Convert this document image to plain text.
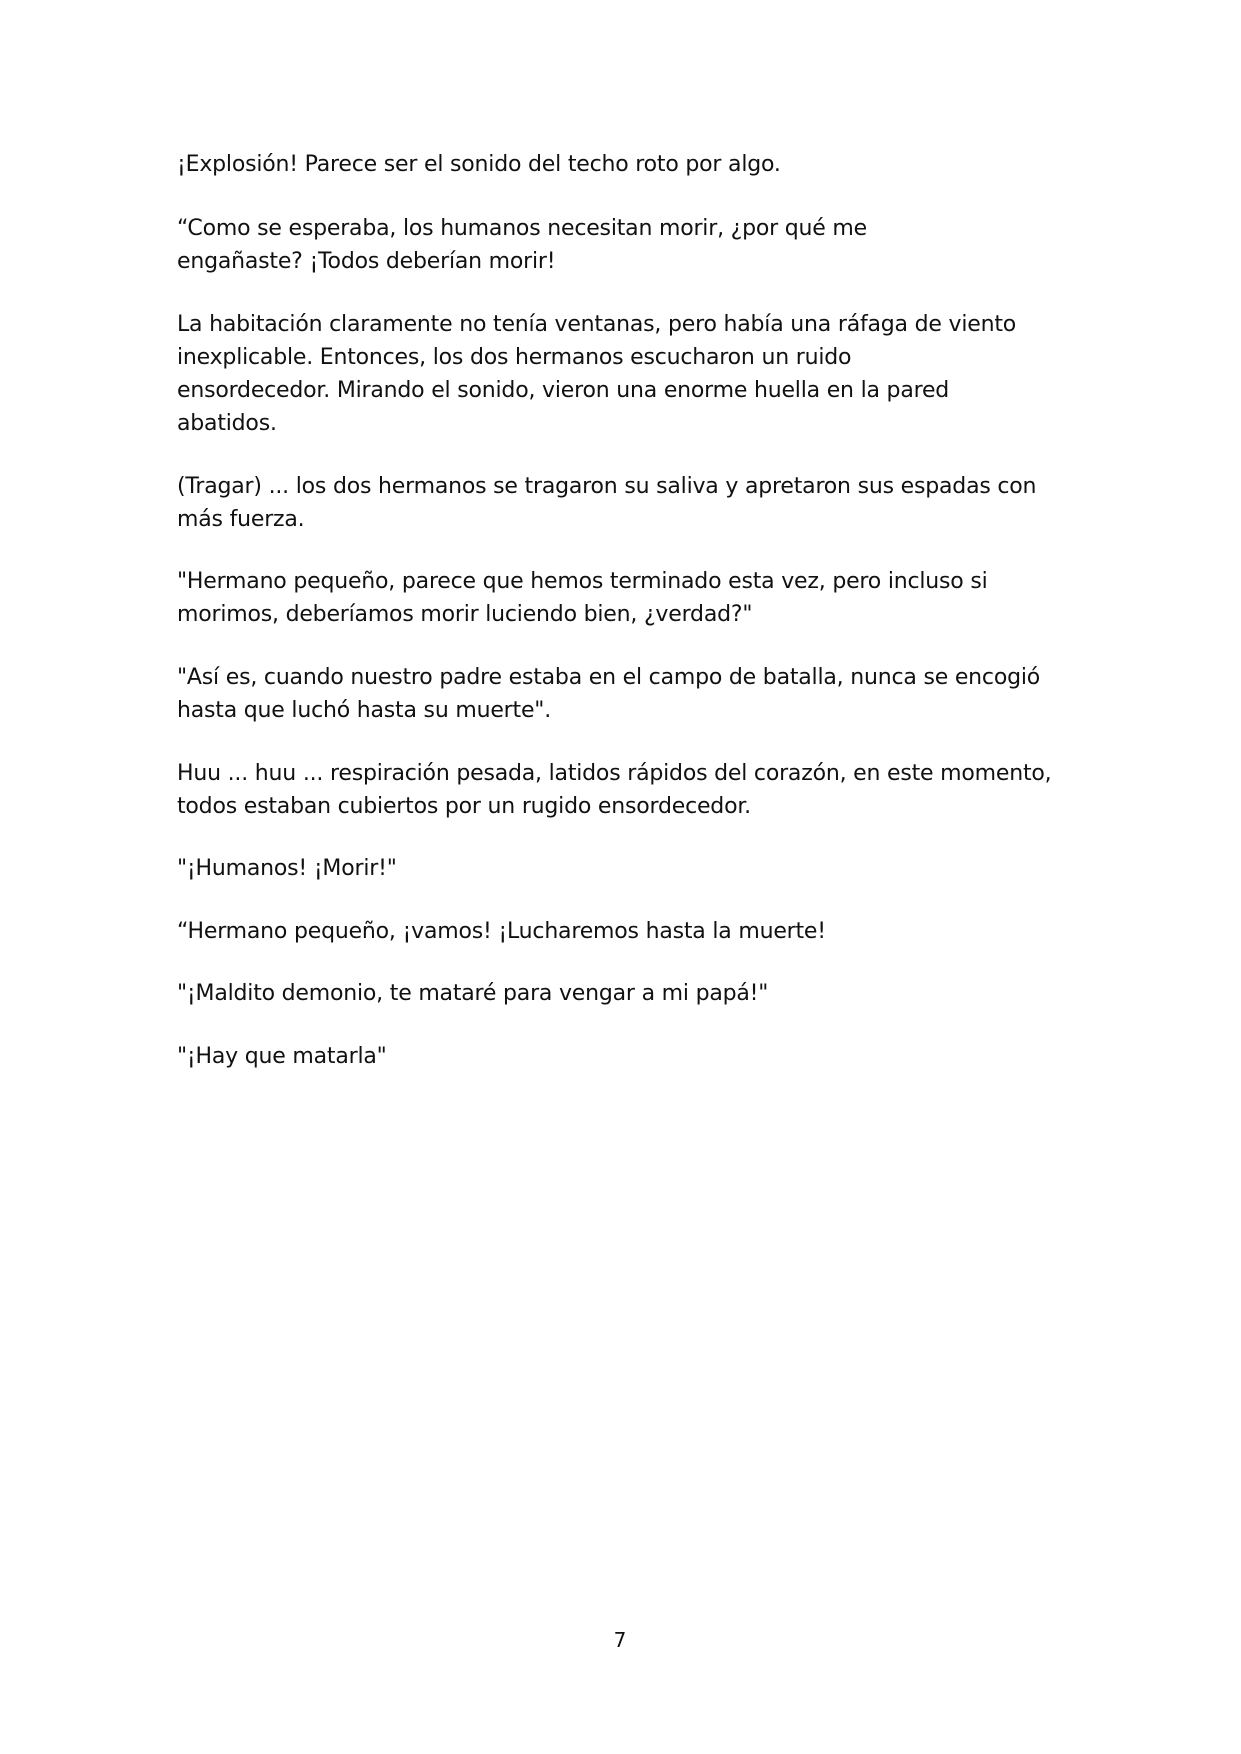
¡Explosión! Parece ser el sonido del techo roto por algo.

“Como se esperaba, los humanos necesitan morir, ¿por qué me
engañaste? ¡Todos deberían morir!

La habitación claramente no tenía ventanas, pero había una ráfaga de viento
inexplicable. Entonces, los dos hermanos escucharon un ruido
ensordecedor. Mirando el sonido, vieron una enorme huella en la pared
abatidos.

(Tragar) ... los dos hermanos se tragaron su saliva y apretaron sus espadas con
más fuerza.

"Hermano pequeño, parece que hemos terminado esta vez, pero incluso si
morimos, deberíamos morir luciendo bien, ¿verdad?"

"Así es, cuando nuestro padre estaba en el campo de batalla, nunca se encogió
hasta que luchó hasta su muerte".

Huu ... huu ... respiración pesada, latidos rápidos del corazón, en este momento,
todos estaban cubiertos por un rugido ensordecedor.

"¡Humanos! ¡Morir!"

“Hermano pequeño, ¡vamos! ¡Lucharemos hasta la muerte!

"¡Maldito demonio, te mataré para vengar a mi papá!"

"¡Hay que matarla"

7
